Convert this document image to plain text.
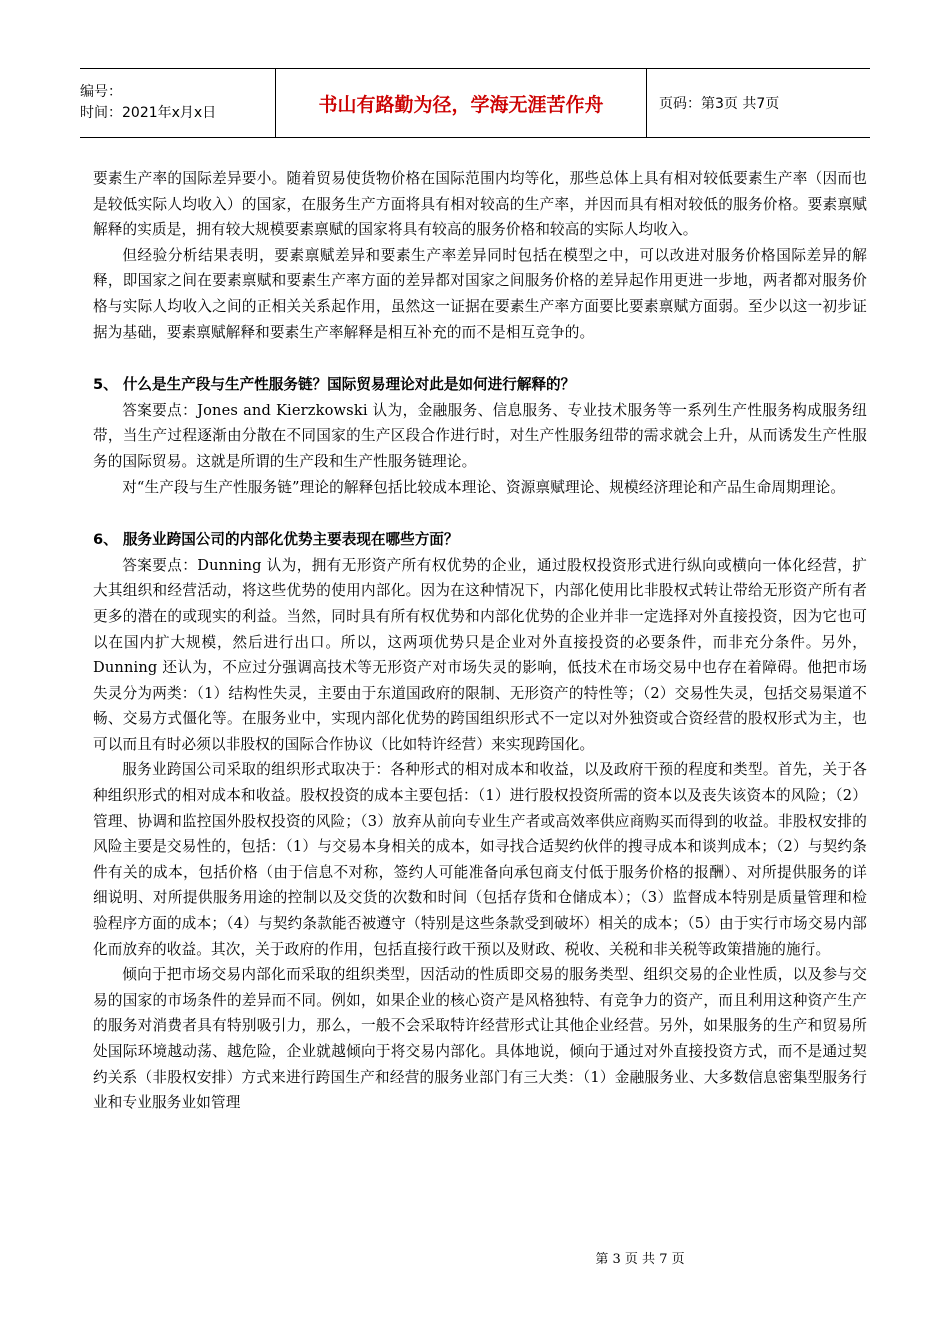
编号：
时间：2021年x月x日	书山有路勤为径，学海无涯苦作舟	页码：第3页 共7页

要素生产率的国际差异要小。随着贸易使货物价格在国际范围内均等化，那些总体上具有相对较低要素生产率（因而也是较低实际人均收入）的国家，在服务生产方面将具有相对较高的生产率，并因而具有相对较低的服务价格。要素禀赋解释的实质是，拥有较大规模要素禀赋的国家将具有较高的服务价格和较高的实际人均收入。

但经验分析结果表明，要素禀赋差异和要素生产率差异同时包括在模型之中，可以改进对服务价格国际差异的解释，即国家之间在要素禀赋和要素生产率方面的差异都对国家之间服务价格的差异起作用更进一步地，两者都对服务价格与实际人均收入之间的正相关关系起作用，虽然这一证据在要素生产率方面要比要素禀赋方面弱。至少以这一初步证据为基础，要素禀赋解释和要素生产率解释是相互补充的而不是相互竞争的。

5、 什么是生产段与生产性服务链？国际贸易理论对此是如何进行解释的？

答案要点：Jones and Kierzkowski 认为，金融服务、信息服务、专业技术服务等一系列生产性服务构成服务纽带，当生产过程逐渐由分散在不同国家的生产区段合作进行时，对生产性服务纽带的需求就会上升，从而诱发生产性服务的国际贸易。这就是所谓的生产段和生产性服务链理论。

对“生产段与生产性服务链”理论的解释包括比较成本理论、资源禀赋理论、规模经济理论和产品生命周期理论。

6、 服务业跨国公司的内部化优势主要表现在哪些方面？

答案要点：Dunning 认为，拥有无形资产所有权优势的企业，通过股权投资形式进行纵向或横向一体化经营，扩大其组织和经营活动，将这些优势的使用内部化。因为在这种情况下，内部化使用比非股权式转让带给无形资产所有者更多的潜在的或现实的利益。当然，同时具有所有权优势和内部化优势的企业并非一定选择对外直接投资，因为它也可以在国内扩大规模，然后进行出口。所以，这两项优势只是企业对外直接投资的必要条件，而非充分条件。另外，Dunning 还认为，不应过分强调高技术等无形资产对市场失灵的影响，低技术在市场交易中也存在着障碍。他把市场失灵分为两类：（1）结构性失灵，主要由于东道国政府的限制、无形资产的特性等；（2）交易性失灵，包括交易渠道不畅、交易方式僵化等。在服务业中，实现内部化优势的跨国组织形式不一定以对外独资或合资经营的股权形式为主，也可以而且有时必须以非股权的国际合作协议（比如特许经营）来实现跨国化。

服务业跨国公司采取的组织形式取决于：各种形式的相对成本和收益，以及政府干预的程度和类型。首先，关于各种组织形式的相对成本和收益。股权投资的成本主要包括：（1）进行股权投资所需的资本以及丧失该资本的风险；（2）管理、协调和监控国外股权投资的风险；（3）放弃从前向专业生产者或高效率供应商购买而得到的收益。非股权安排的风险主要是交易性的，包括：（1）与交易本身相关的成本，如寻找合适契约伙伴的搜寻成本和谈判成本；（2）与契约条件有关的成本，包括价格（由于信息不对称，签约人可能准备向承包商支付低于服务价格的报酬）、对所提供服务的详细说明、对所提供服务用途的控制以及交货的次数和时间（包括存货和仓储成本）；（3）监督成本特别是质量管理和检验程序方面的成本；（4）与契约条款能否被遵守（特别是这些条款受到破坏）相关的成本；（5）由于实行市场交易内部化而放弃的收益。其次，关于政府的作用，包括直接行政干预以及财政、税收、关税和非关税等政策措施的施行。

倾向于把市场交易内部化而采取的组织类型，因活动的性质即交易的服务类型、组织交易的企业性质，以及参与交易的国家的市场条件的差异而不同。例如，如果企业的核心资产是风格独特、有竞争力的资产，而且利用这种资产生产的服务对消费者具有特别吸引力，那么，一般不会采取特许经营形式让其他企业经营。另外，如果服务的生产和贸易所处国际环境越动荡、越危险，企业就越倾向于将交易内部化。具体地说，倾向于通过对外直接投资方式，而不是通过契约关系（非股权安排）方式来进行跨国生产和经营的服务业部门有三大类：（1）金融服务业、大多数信息密集型服务行业和专业服务业如管理

第 3 页 共 7 页
